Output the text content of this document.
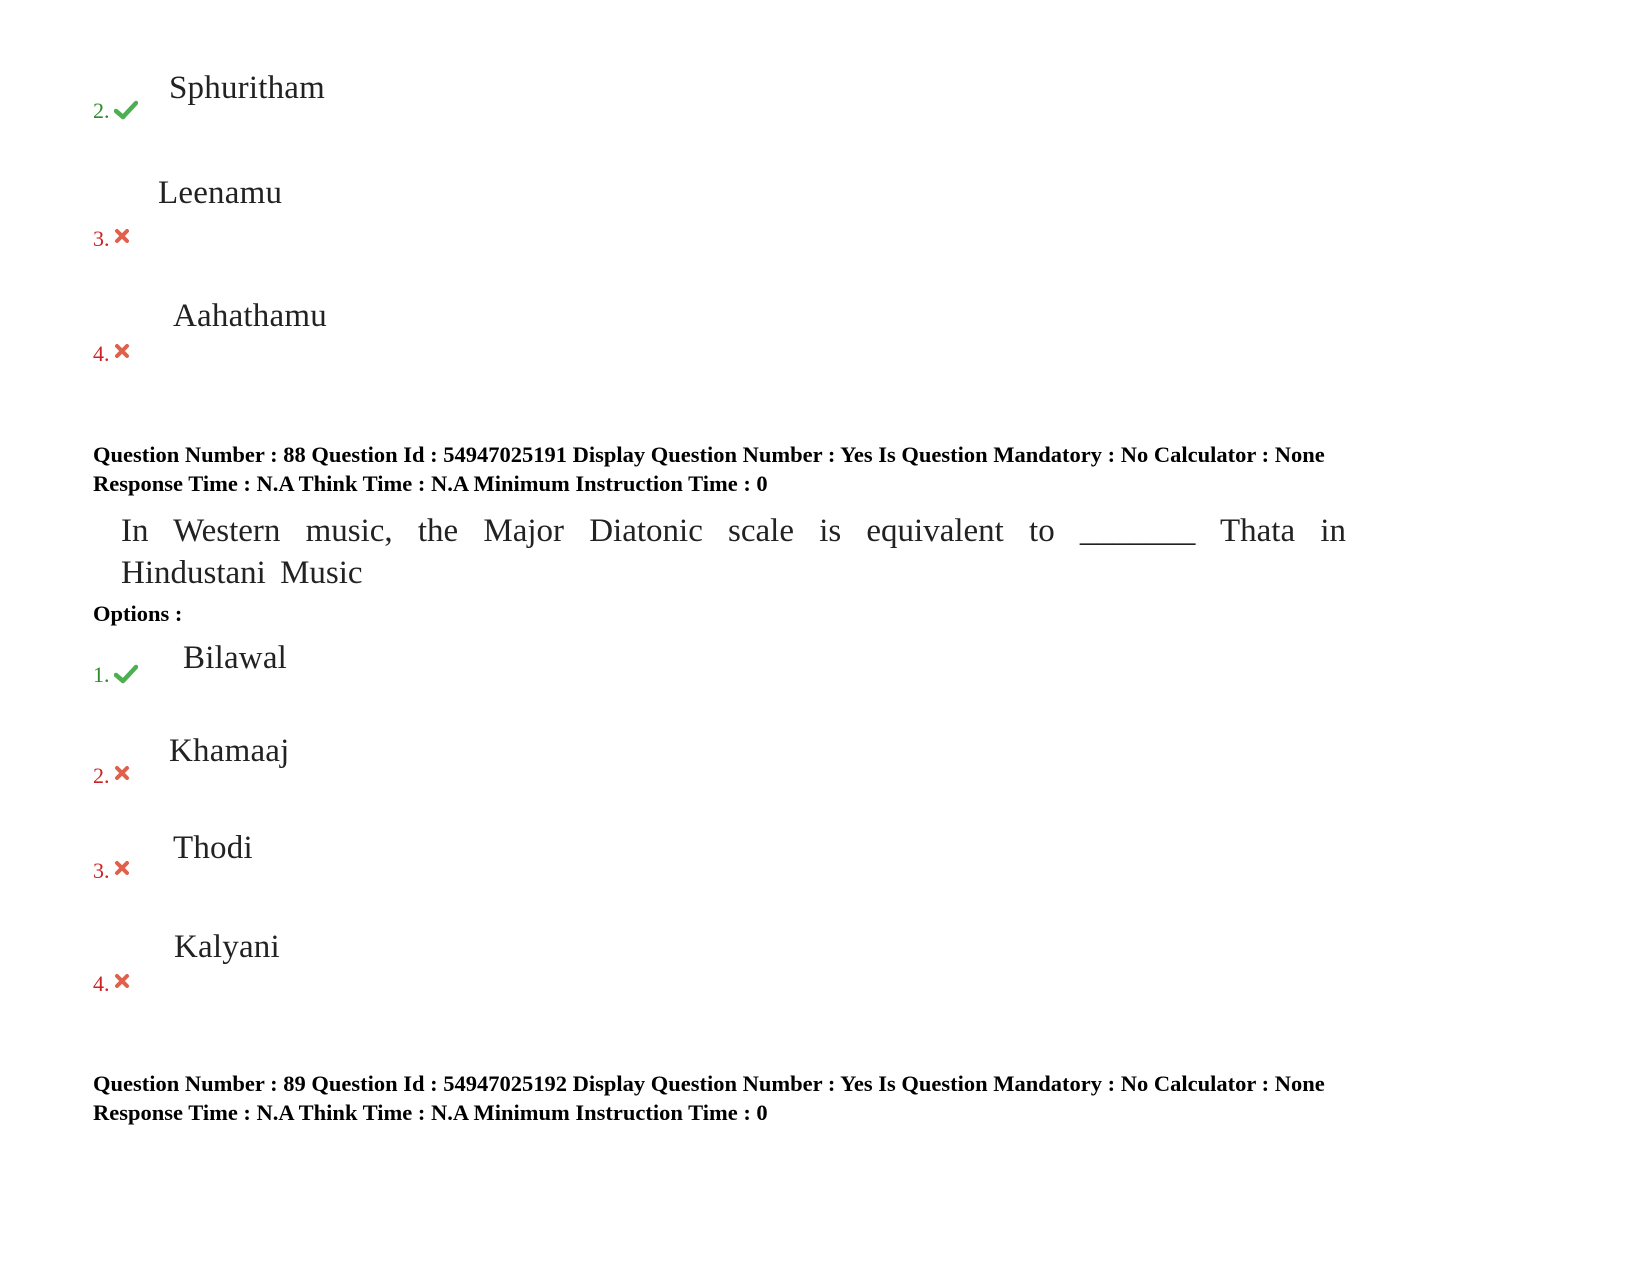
2.
Sphuritham
Leenamu
3.
Aahathamu
4.
Question Number : 88 Question Id : 54947025191 Display Question Number : Yes Is Question Mandatory : No Calculator : None
Response Time : N.A Think Time : N.A Minimum Instruction Time : 0
In Western music, the Major Diatonic scale is equivalent to _______ Thata in Hindustani Music
Options :
1.	Bilawal
Khamaaj
2.
Thodi
3.
Kalyani
4.
Question Number : 89 Question Id : 54947025192 Display Question Number : Yes Is Question Mandatory : No Calculator : None
Response Time : N.A Think Time : N.A Minimum Instruction Time : 0
